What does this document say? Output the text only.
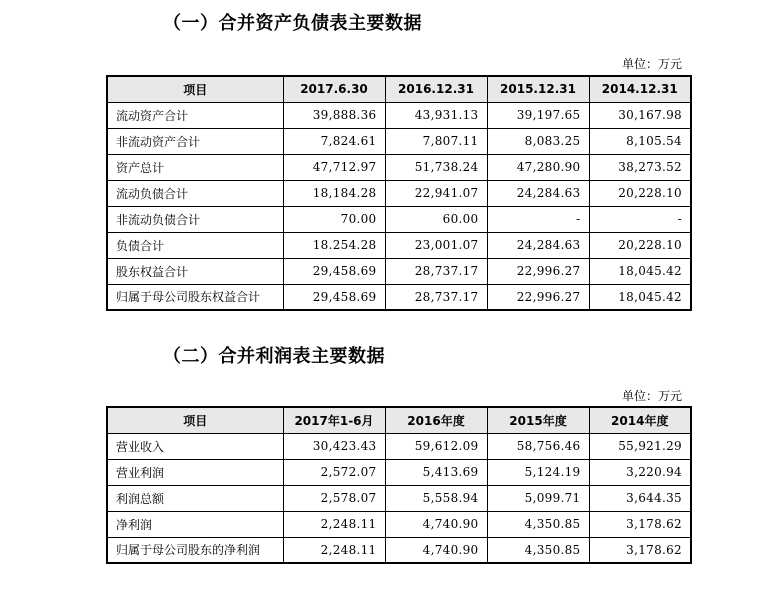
（一）合并资产负债表主要数据
单位：万元
项目	2017.6.30	2016.12.31	2015.12.31	2014.12.31
流动资产合计	39,888.36	43,931.13	39,197.65	30,167.98
非流动资产合计	7,824.61	7,807.11	8,083.25	8,105.54
资产总计	47,712.97	51,738.24	47,280.90	38,273.52
流动负债合计	18,184.28	22,941.07	24,284.63	20,228.10
非流动负债合计	70.00	60.00	-	-
负债合计	18.254.28	23,001.07	24,284.63	20,228.10
股东权益合计	29,458.69	28,737.17	22,996.27	18,045.42
归属于母公司股东权益合计	29,458.69	28,737.17	22,996.27	18,045.42
（二）合并利润表主要数据
单位：万元
项目	2017年1-6月	2016年度	2015年度	2014年度
营业收入	30,423.43	59,612.09	58,756.46	55,921.29
营业利润	2,572.07	5,413.69	5,124.19	3,220.94
利润总额	2,578.07	5,558.94	5,099.71	3,644.35
净利润	2,248.11	4,740.90	4,350.85	3,178.62
归属于母公司股东的净利润	2,248.11	4,740.90	4,350.85	3,178.62
